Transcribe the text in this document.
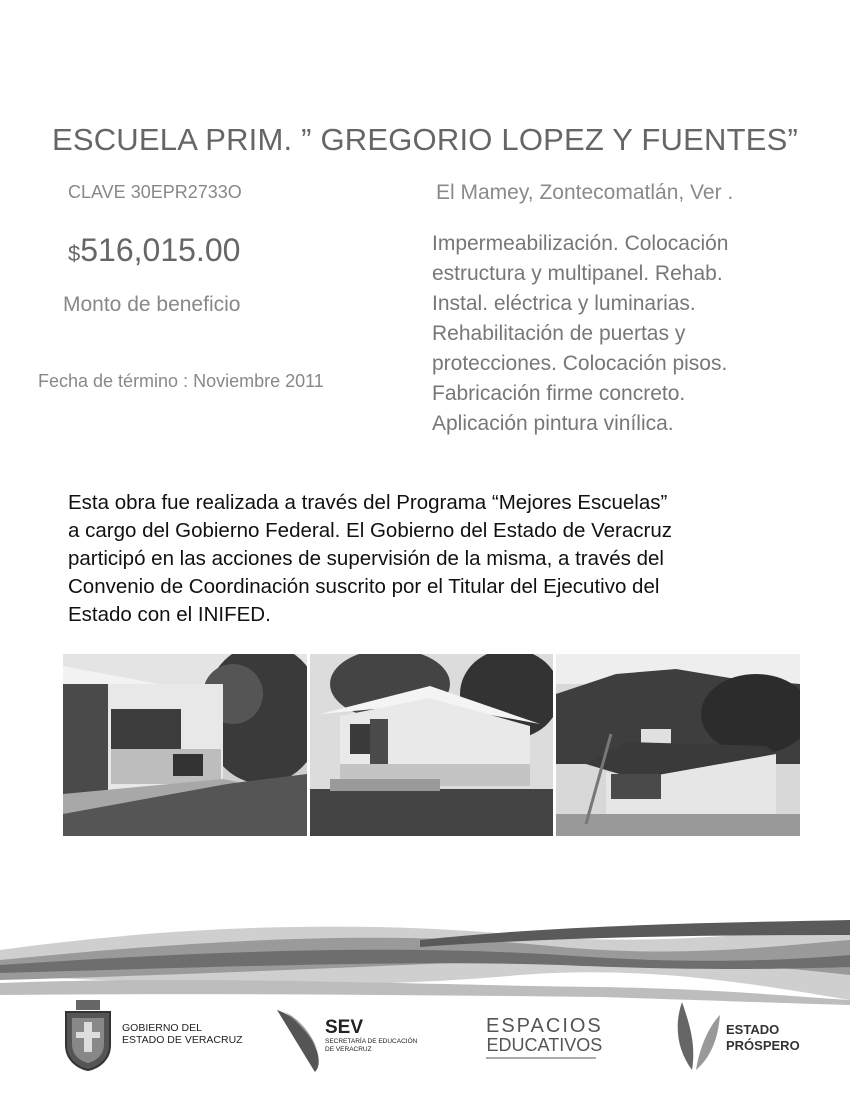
ESCUELA PRIM. ” GREGORIO LOPEZ Y FUENTES”
CLAVE 30EPR2733O	El Mamey, Zontecomatlán, Ver .
$516,015.00
Monto de beneficio
Fecha de término : Noviembre 2011
Impermeabilización. Colocación
estructura y multipanel. Rehab.
Instal. eléctrica y luminarias.
Rehabilitación de puertas y
protecciones. Colocación pisos.
Fabricación firme concreto.
Aplicación pintura vinílica.
Esta obra fue realizada a través del Programa “Mejores Escuelas”
a cargo del Gobierno Federal. El Gobierno del Estado de Veracruz
participó en las acciones de supervisión de la misma, a través del
Convenio de Coordinación suscrito por el Titular del Ejecutivo del
Estado con el INIFED.
GOBIERNO DEL
ESTADO DE VERACRUZ
SEV
SECRETARÍA DE EDUCACIÓN
DE VERACRUZ
ESPACIOS
EDUCATIVOS
ESTADO
PRÓSPERO
